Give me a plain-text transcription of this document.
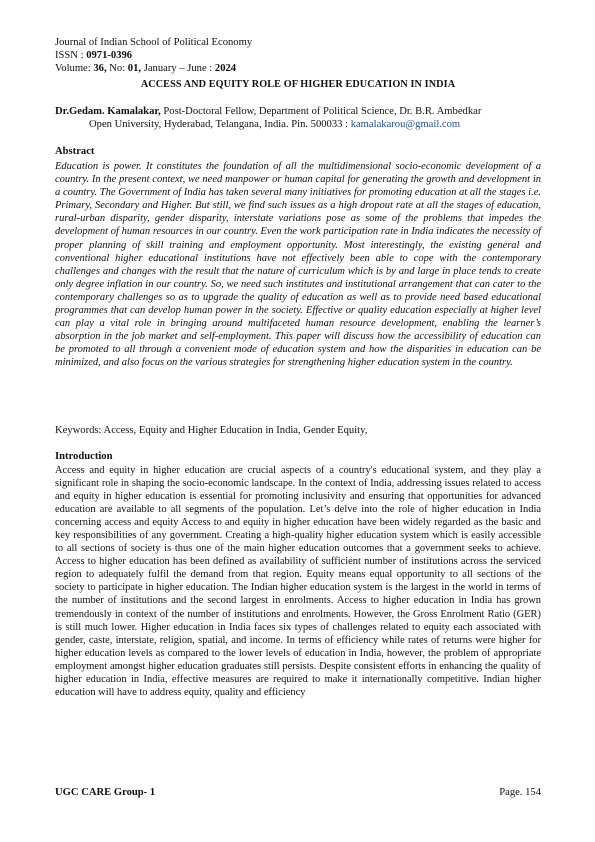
Journal of Indian School of Political Economy
ISSN : 0971-0396
Volume: 36, No: 01, January – June : 2024
ACCESS AND EQUITY ROLE OF HIGHER EDUCATION IN INDIA
Dr.Gedam. Kamalakar, Post-Doctoral Fellow, Department of Political Science, Dr. B.R. Ambedkar
Open University, Hyderabad, Telangana, India. Pin. 500033 : kamalakarou@gmail.com
Abstract

Education is power. It constitutes the foundation of all the multidimensional socio-economic development of a country. In the present context, we need manpower or human capital for generating the growth and development in a country. The Government of India has taken several many initiatives for promoting education at all the stages i.e. Primary, Secondary and Higher. But still, we find such issues as a high dropout rate at all the stages of education, rural-urban disparity, gender disparity, interstate variations pose as some of the problems that impedes the development of human resources in our country. Even the work participation rate in India indicates the necessity of proper planning of skill training and employment opportunity. Most interestingly, the existing general and conventional higher educational institutions have not effectively been able to cope with the contemporary challenges and changes with the result that the nature of curriculum which is by and large in place tends to create only degree inflation in our country. So, we need such institutes and institutional arrangement that can cater to the contemporary challenges so as to upgrade the quality of education as well as to provide need based educational programmes that can develop human power in the society. Effective or quality education especially at higher level can play a vital role in bringing around multifaceted human resource development, enabling the learner’s absorption in the job market and self-employment. This paper will discuss how the accessibility of education can be promoted to all through a convenient mode of education system and how the disparities in education can be minimized, and also focus on the various strategies for strengthening higher education system in the country.

Keywords: Access, Equity and Higher Education in India, Gender Equity,
Introduction

Access and equity in higher education are crucial aspects of a country's educational system, and they play a significant role in shaping the socio-economic landscape. In the context of India, addressing issues related to access and equity in higher education is essential for promoting inclusivity and ensuring that opportunities for advanced education are available to all segments of the population. Let’s delve into the role of higher education in India concerning access and equity Access to and equity in higher education have been widely regarded as the basic and key responsibilities of any government. Creating a high-quality higher education system which is easily accessible to all sections of society is thus one of the main higher education outcomes that a government seeks to achieve. Access to higher education has been defined as availability of sufficient number of institutions across the serviced region to adequately fulfil the demand from that region. Equity means equal opportunity to all sections of the society to participate in higher education. The Indian higher education system is the largest in the world in terms of the number of institutions and the second largest in enrolments. Access to higher education in India has grown tremendously in context of the number of institutions and enrolments. However, the Gross Enrolment Ratio (GER) is still much lower. Higher education in India faces six types of challenges related to equity each associated with gender, caste, interstate, religion, spatial, and income. In terms of efficiency while rates of returns were higher for higher education levels as compared to the lower levels of education in India, however, the problem of appropriate employment amongst higher education graduates still persists. Despite consistent efforts in enhancing the quality of higher education in India, effective measures are required to make it internationally competitive. Indian higher education will have to address equity, quality and efficiency

UGC CARE Group- 1	Page. 154
